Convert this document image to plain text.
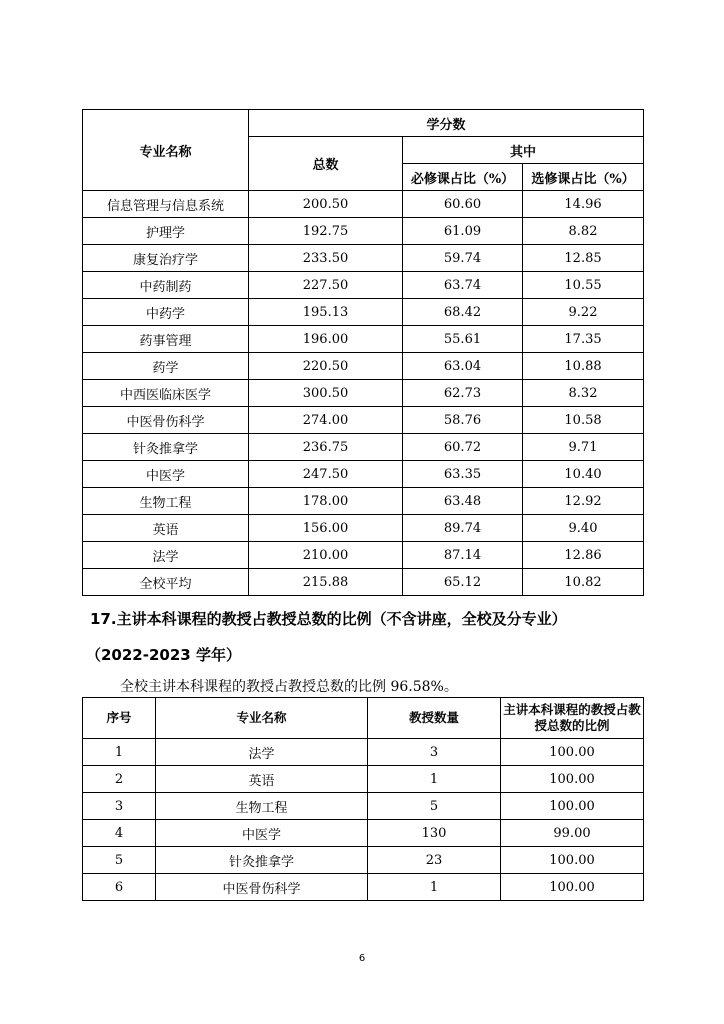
专业名称	学分数		
	总数	其中	
		必修课占比（%）	选修课占比（%）
信息管理与信息系统	200.50	60.60	14.96
护理学	192.75	61.09	8.82
康复治疗学	233.50	59.74	12.85
中药制药	227.50	63.74	10.55
中药学	195.13	68.42	9.22
药事管理	196.00	55.61	17.35
药学	220.50	63.04	10.88
中西医临床医学	300.50	62.73	8.32
中医骨伤科学	274.00	58.76	10.58
针灸推拿学	236.75	60.72	9.71
中医学	247.50	63.35	10.40
生物工程	178.00	63.48	12.92
英语	156.00	89.74	9.40
法学	210.00	87.14	12.86
全校平均	215.88	65.12	10.82
17.主讲本科课程的教授占教授总数的比例（不含讲座，全校及分专业）
（2022-2023 学年）
全校主讲本科课程的教授占教授总数的比例 96.58%。
序号	专业名称	教授数量	主讲本科课程的教授占教授总数的比例
1	法学	3	100.00
2	英语	1	100.00
3	生物工程	5	100.00
4	中医学	130	99.00
5	针灸推拿学	23	100.00
6	中医骨伤科学	1	100.00
6
